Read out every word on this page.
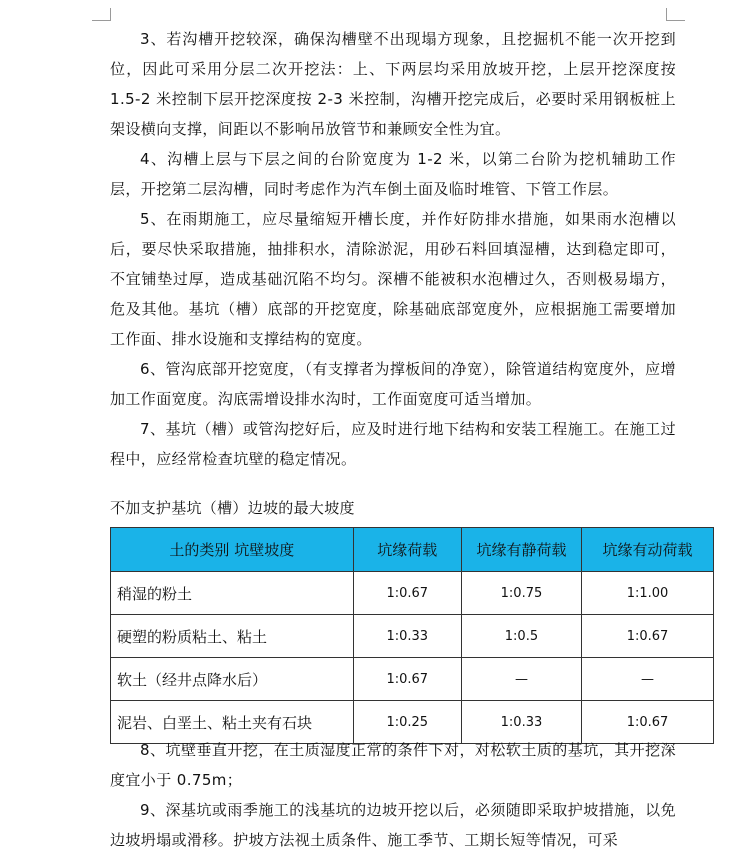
3、若沟槽开挖较深，确保沟槽壁不出现塌方现象，且挖掘机不能一次开挖到位，因此可采用分层二次开挖法：上、下两层均采用放坡开挖，上层开挖深度按 1.5-2 米控制下层开挖深度按 2-3 米控制，沟槽开挖完成后，必要时采用钢板桩上架设横向支撑，间距以不影响吊放管节和兼顾安全性为宜。

4、沟槽上层与下层之间的台阶宽度为 1-2 米，以第二台阶为挖机辅助工作层，开挖第二层沟槽，同时考虑作为汽车倒土面及临时堆管、下管工作层。

5、在雨期施工，应尽量缩短开槽长度，并作好防排水措施，如果雨水泡槽以后，要尽快采取措施，抽排积水，清除淤泥，用砂石料回填湿槽，达到稳定即可，不宜铺垫过厚，造成基础沉陷不均匀。深槽不能被积水泡槽过久，否则极易塌方，危及其他。基坑（槽）底部的开挖宽度，除基础底部宽度外，应根据施工需要增加工作面、排水设施和支撑结构的宽度。

6、管沟底部开挖宽度，（有支撑者为撑板间的净宽），除管道结构宽度外，应增加工作面宽度。沟底需增设排水沟时，工作面宽度可适当增加。

7、基坑（槽）或管沟挖好后，应及时进行地下结构和安装工程施工。在施工过程中，应经常检查坑壁的稳定情况。

不加支护基坑（槽）边坡的最大坡度

土的类别 坑壁坡度	坑缘荷载	坑缘有静荷载	坑缘有动荷载
稍湿的粉土	1:0.67	1:0.75	1:1.00
硬塑的粉质粘土、粘土	1:0.33	1:0.5	1:0.67
软土（经井点降水后）	1:0.67	—	—
泥岩、白垩土、粘土夹有石块	1:0.25	1:0.33	1:0.67

8、坑壁垂直开挖，在土质湿度正常的条件下对，对松软土质的基坑，其开挖深度宜小于 0.75m；

9、深基坑或雨季施工的浅基坑的边坡开挖以后，必须随即采取护坡措施，以免边坡坍塌或滑移。护坡方法视土质条件、施工季节、工期长短等情况，可采
